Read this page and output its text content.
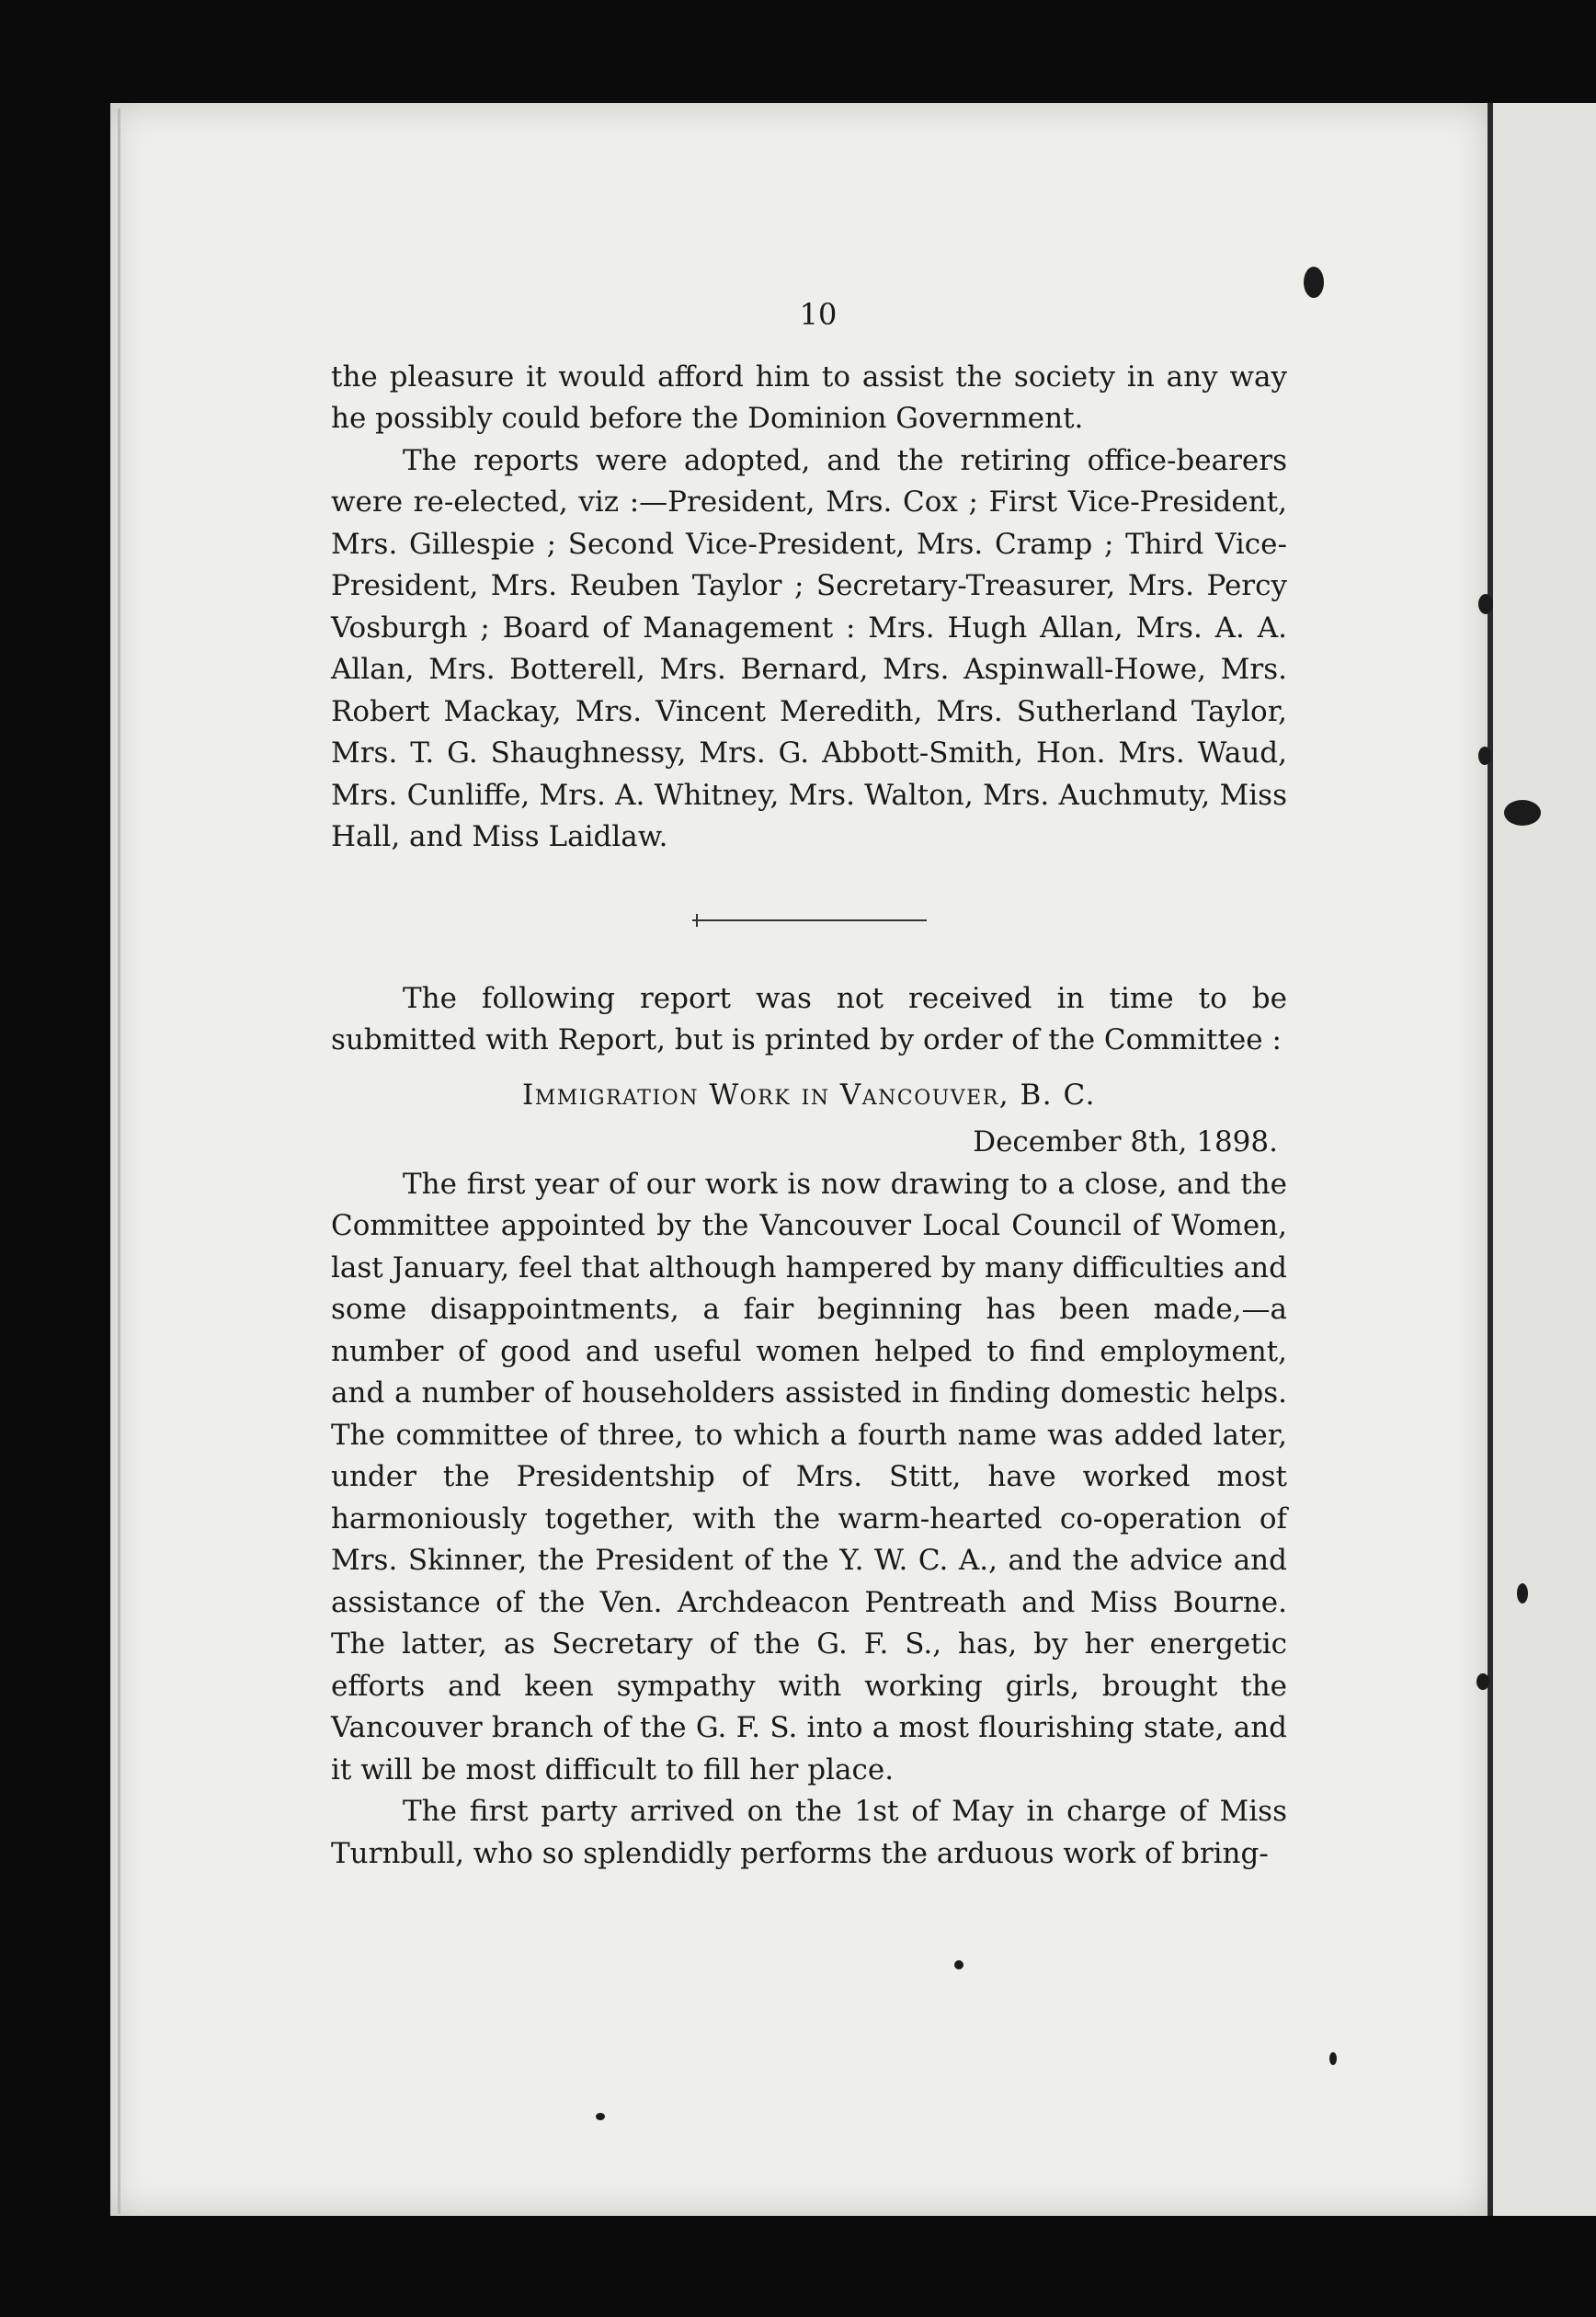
10

the pleasure it would afford him to assist the society in any way he possibly could before the Dominion Government.

The reports were adopted, and the retiring office-bearers were re-elected, viz :—President, Mrs. Cox ; First Vice-President, Mrs. Gillespie ; Second Vice-President, Mrs. Cramp ; Third Vice-President, Mrs. Reuben Taylor ; Secretary-Treasurer, Mrs. Percy Vosburgh ; Board of Management : Mrs. Hugh Allan, Mrs. A. A. Allan, Mrs. Botterell, Mrs. Bernard, Mrs. Aspinwall-Howe, Mrs. Robert Mackay, Mrs. Vincent Meredith, Mrs. Sutherland Taylor, Mrs. T. G. Shaughnessy, Mrs. G. Abbott-Smith, Hon. Mrs. Waud, Mrs. Cunliffe, Mrs. A. Whitney, Mrs. Walton, Mrs. Auchmuty, Miss Hall, and Miss Laidlaw.

The following report was not received in time to be submitted with Report, but is printed by order of the Committee :

Immigration Work in Vancouver, B. C.
December 8th, 1898.

The first year of our work is now drawing to a close, and the Committee appointed by the Vancouver Local Council of Women, last January, feel that although hampered by many difficulties and some disappointments, a fair beginning has been made,—a number of good and useful women helped to find employment, and a number of householders assisted in finding domestic helps. The committee of three, to which a fourth name was added later, under the Presidentship of Mrs. Stitt, have worked most harmoniously together, with the warm-hearted co-operation of Mrs. Skinner, the President of the Y. W. C. A., and the advice and assistance of the Ven. Archdeacon Pentreath and Miss Bourne. The latter, as Secretary of the G. F. S., has, by her energetic efforts and keen sympathy with working girls, brought the Vancouver branch of the G. F. S. into a most flourishing state, and it will be most difficult to fill her place.

The first party arrived on the 1st of May in charge of Miss Turnbull, who so splendidly performs the arduous work of bring-
